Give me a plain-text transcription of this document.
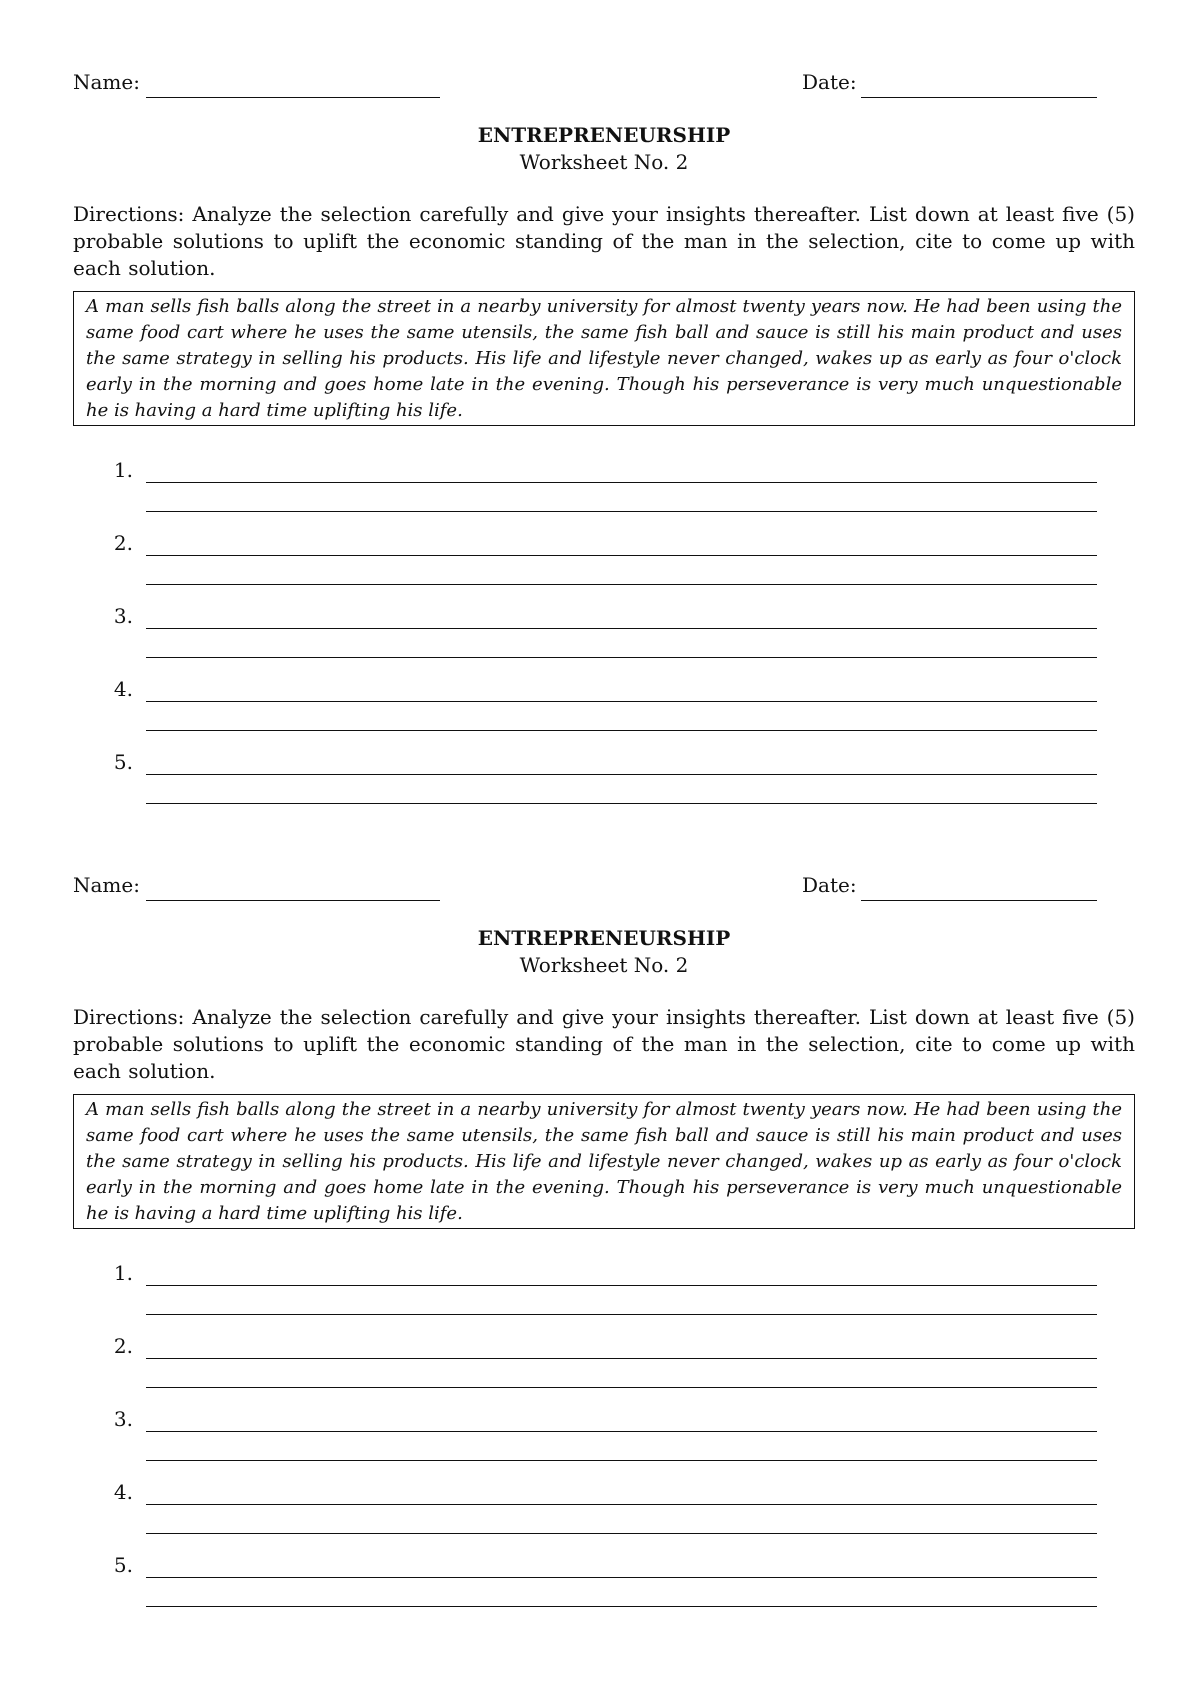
Name:	Date:
ENTREPRENEURSHIP
Worksheet No. 2
Directions: Analyze the selection carefully and give your insights thereafter. List down at least five (5) probable solutions to uplift the economic standing of the man in the selection, cite to come up with each solution.
A man sells fish balls along the street in a nearby university for almost twenty years now. He had been using the same food cart where he uses the same utensils, the same fish ball and sauce is still his main product and uses the same strategy in selling his products. His life and lifestyle never changed, wakes up as early as four o'clock early in the morning and goes home late in the evening. Though his perseverance is very much unquestionable he is having a hard time uplifting his life.
1.
2.
3.
4.
5.
Name:	Date:
ENTREPRENEURSHIP
Worksheet No. 2
Directions: Analyze the selection carefully and give your insights thereafter. List down at least five (5) probable solutions to uplift the economic standing of the man in the selection, cite to come up with each solution.
A man sells fish balls along the street in a nearby university for almost twenty years now. He had been using the same food cart where he uses the same utensils, the same fish ball and sauce is still his main product and uses the same strategy in selling his products. His life and lifestyle never changed, wakes up as early as four o'clock early in the morning and goes home late in the evening. Though his perseverance is very much unquestionable he is having a hard time uplifting his life.
1.
2.
3.
4.
5.
